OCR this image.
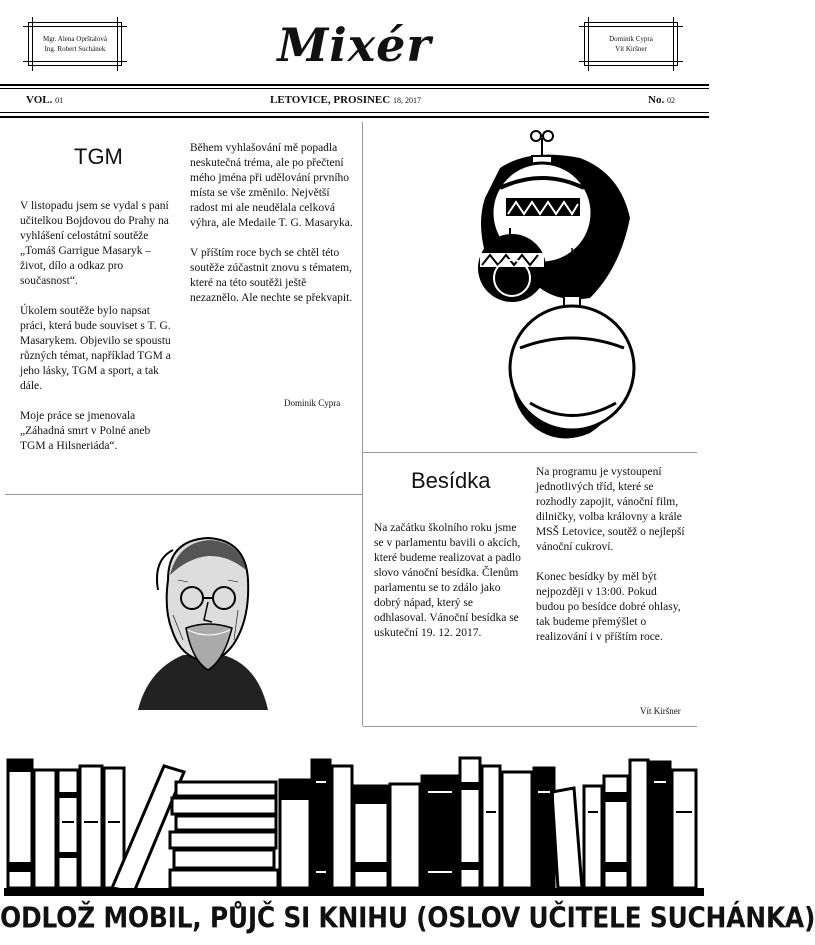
Mgr. Alena Oprštalová
Ing. Robert Suchánek	Mixér	Dominik Cypra
Vít Kiršner
VOL. 01	LETOVICE, PROSINEC 18, 2017	No. 02
TGM

V listopadu jsem se vydal s paní učitelkou Bojdovou do Prahy na vyhlášení celostátní soutěže „Tomáš Garrigue Masaryk – život, dílo a odkaz pro současnost“.

Úkolem soutěže bylo napsat práci, která bude souviset s T. G. Masarykem. Objevilo se spoustu různých témat, například TGM a jeho lásky, TGM a sport, a tak dále.

Moje práce se jmenovala „Záhadná smrt v Polné aneb TGM a Hilsneriáda“.

Během vyhlašování mě popadla neskutečná tréma, ale po přečtení mého jména při udělování prvního místa se vše změnilo. Největší radost mi ale neudělala celková výhra, ale Medaile T. G. Masaryka.

V příštím roce bych se chtěl této soutěže zúčastnit znovu s tématem, které na této soutěži ještě nezaznělo. Ale nechte se překvapit.

Dominik Cypra
Besídka

Na začátku školního roku jsme se v parlamentu bavili o akcích, které budeme realizovat a padlo slovo vánoční besídka. Členům parlamentu se to zdálo jako dobrý nápad, který se odhlasoval. Vánoční besídka se uskuteční 19. 12. 2017.

Na programu je vystoupení jednotlivých tříd, které se rozhodly zapojit, vánoční film, dilničky, volba královny a krále MSŠ Letovice, soutěž o nejlepší vánoční cukroví.

Konec besídky by měl být nejpozději v 13:00. Pokud budou po besídce dobré ohlasy, tak budeme přemýšlet o realizování i v příštím roce.

Vít Kiršner
ODLOŽ MOBIL, PŮJČ SI KNIHU (OSLOV UČITELE SUCHÁNKA)
